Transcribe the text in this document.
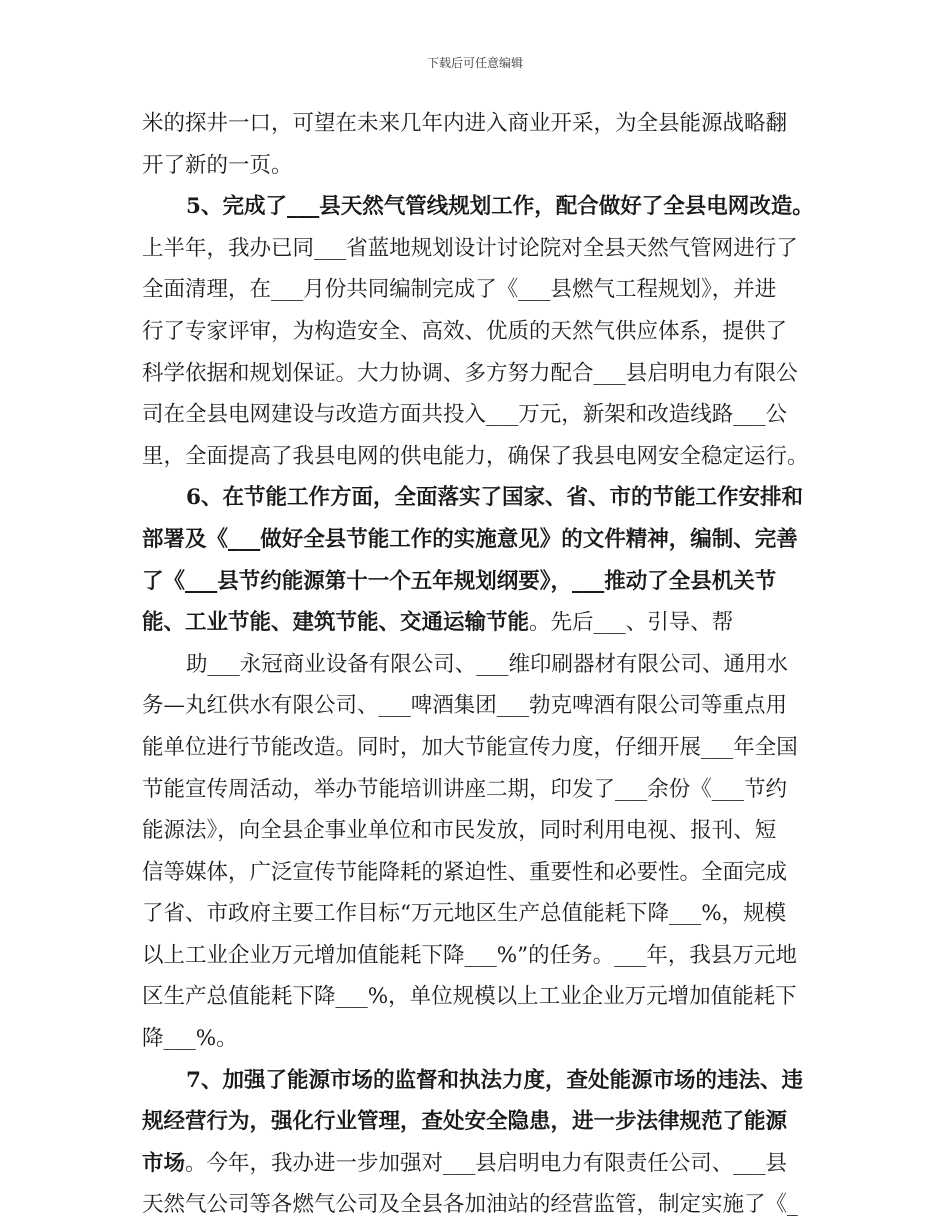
下载后可任意编辑
米的探井一口，可望在未来几年内进入商业开采，为全县能源战略翻
开了新的一页。
5、完成了___县天然气管线规划工作，配合做好了全县电网改造。
上半年，我办已同___省蓝地规划设计讨论院对全县天然气管网进行了
全面清理，在___月份共同编制完成了《___县燃气工程规划》，并进
行了专家评审，为构造安全、高效、优质的天然气供应体系，提供了
科学依据和规划保证。大力协调、多方努力配合___县启明电力有限公
司在全县电网建设与改造方面共投入___万元，新架和改造线路___公
里，全面提高了我县电网的供电能力，确保了我县电网安全稳定运行。
6、在节能工作方面，全面落实了国家、省、市的节能工作安排和
部署及《___做好全县节能工作的实施意见》的文件精神，编制、完善
了《___县节约能源第十一个五年规划纲要》，___推动了全县机关节
能、工业节能、建筑节能、交通运输节能。先后___、引导、帮
助___永冠商业设备有限公司、___维印刷器材有限公司、通用水
务—丸红供水有限公司、___啤酒集团___勃克啤酒有限公司等重点用
能单位进行节能改造。同时，加大节能宣传力度，仔细开展___年全国
节能宣传周活动，举办节能培训讲座二期，印发了___余份《___节约
能源法》，向全县企事业单位和市民发放，同时利用电视、报刊、短
信等媒体，广泛宣传节能降耗的紧迫性、重要性和必要性。全面完成
了省、市政府主要工作目标“万元地区生产总值能耗下降___%，规模
以上工业企业万元增加值能耗下降___%”的任务。___年，我县万元地
区生产总值能耗下降___%，单位规模以上工业企业万元增加值能耗下
降___%。
7、加强了能源市场的监督和执法力度，查处能源市场的违法、违
规经营行为，强化行业管理，查处安全隐患，进一步法律规范了能源
市场。今年，我办进一步加强对___县启明电力有限责任公司、___县
天然气公司等各燃气公司及全县各加油站的经营监管，制定实施了《_
